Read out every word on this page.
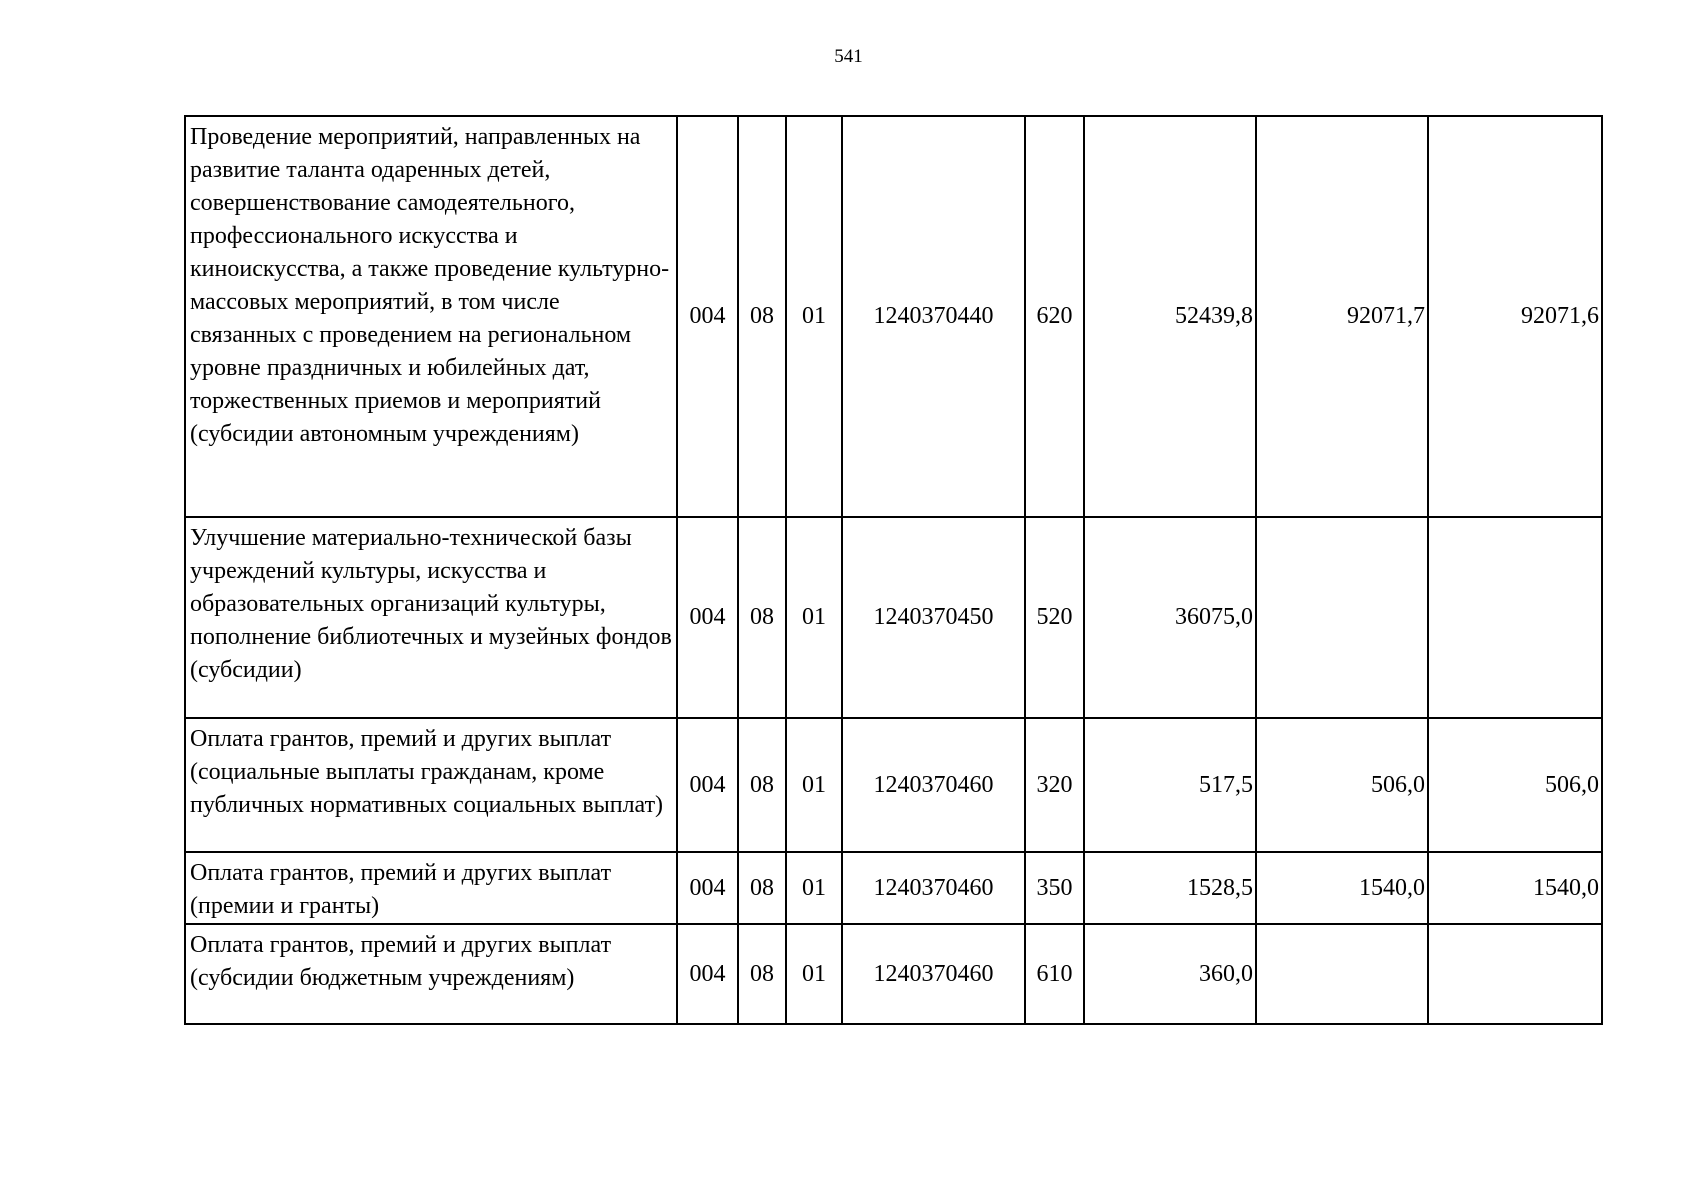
541
Проведение мероприятий, направленных на развитие таланта одаренных детей, совершенствование самодеятельного, профессионального искусства и киноискусства, а также проведение культурно-массовых мероприятий, в том числе связанных с проведением на региональном уровне праздничных и юбилейных дат, торжественных приемов и мероприятий (субсидии автономным учреждениям)	004	08	01	1240370440	620	52439,8	92071,7	92071,6
Улучшение материально-технической базы учреждений культуры, искусства и образовательных организаций культуры, пополнение библиотечных и музейных фондов (субсидии)	004	08	01	1240370450	520	36075,0		
Оплата грантов, премий и других выплат (социальные выплаты гражданам, кроме публичных нормативных социальных выплат)	004	08	01	1240370460	320	517,5	506,0	506,0
Оплата грантов, премий и других выплат (премии и гранты)	004	08	01	1240370460	350	1528,5	1540,0	1540,0
Оплата грантов, премий и других выплат (субсидии бюджетным учреждениям)	004	08	01	1240370460	610	360,0		
